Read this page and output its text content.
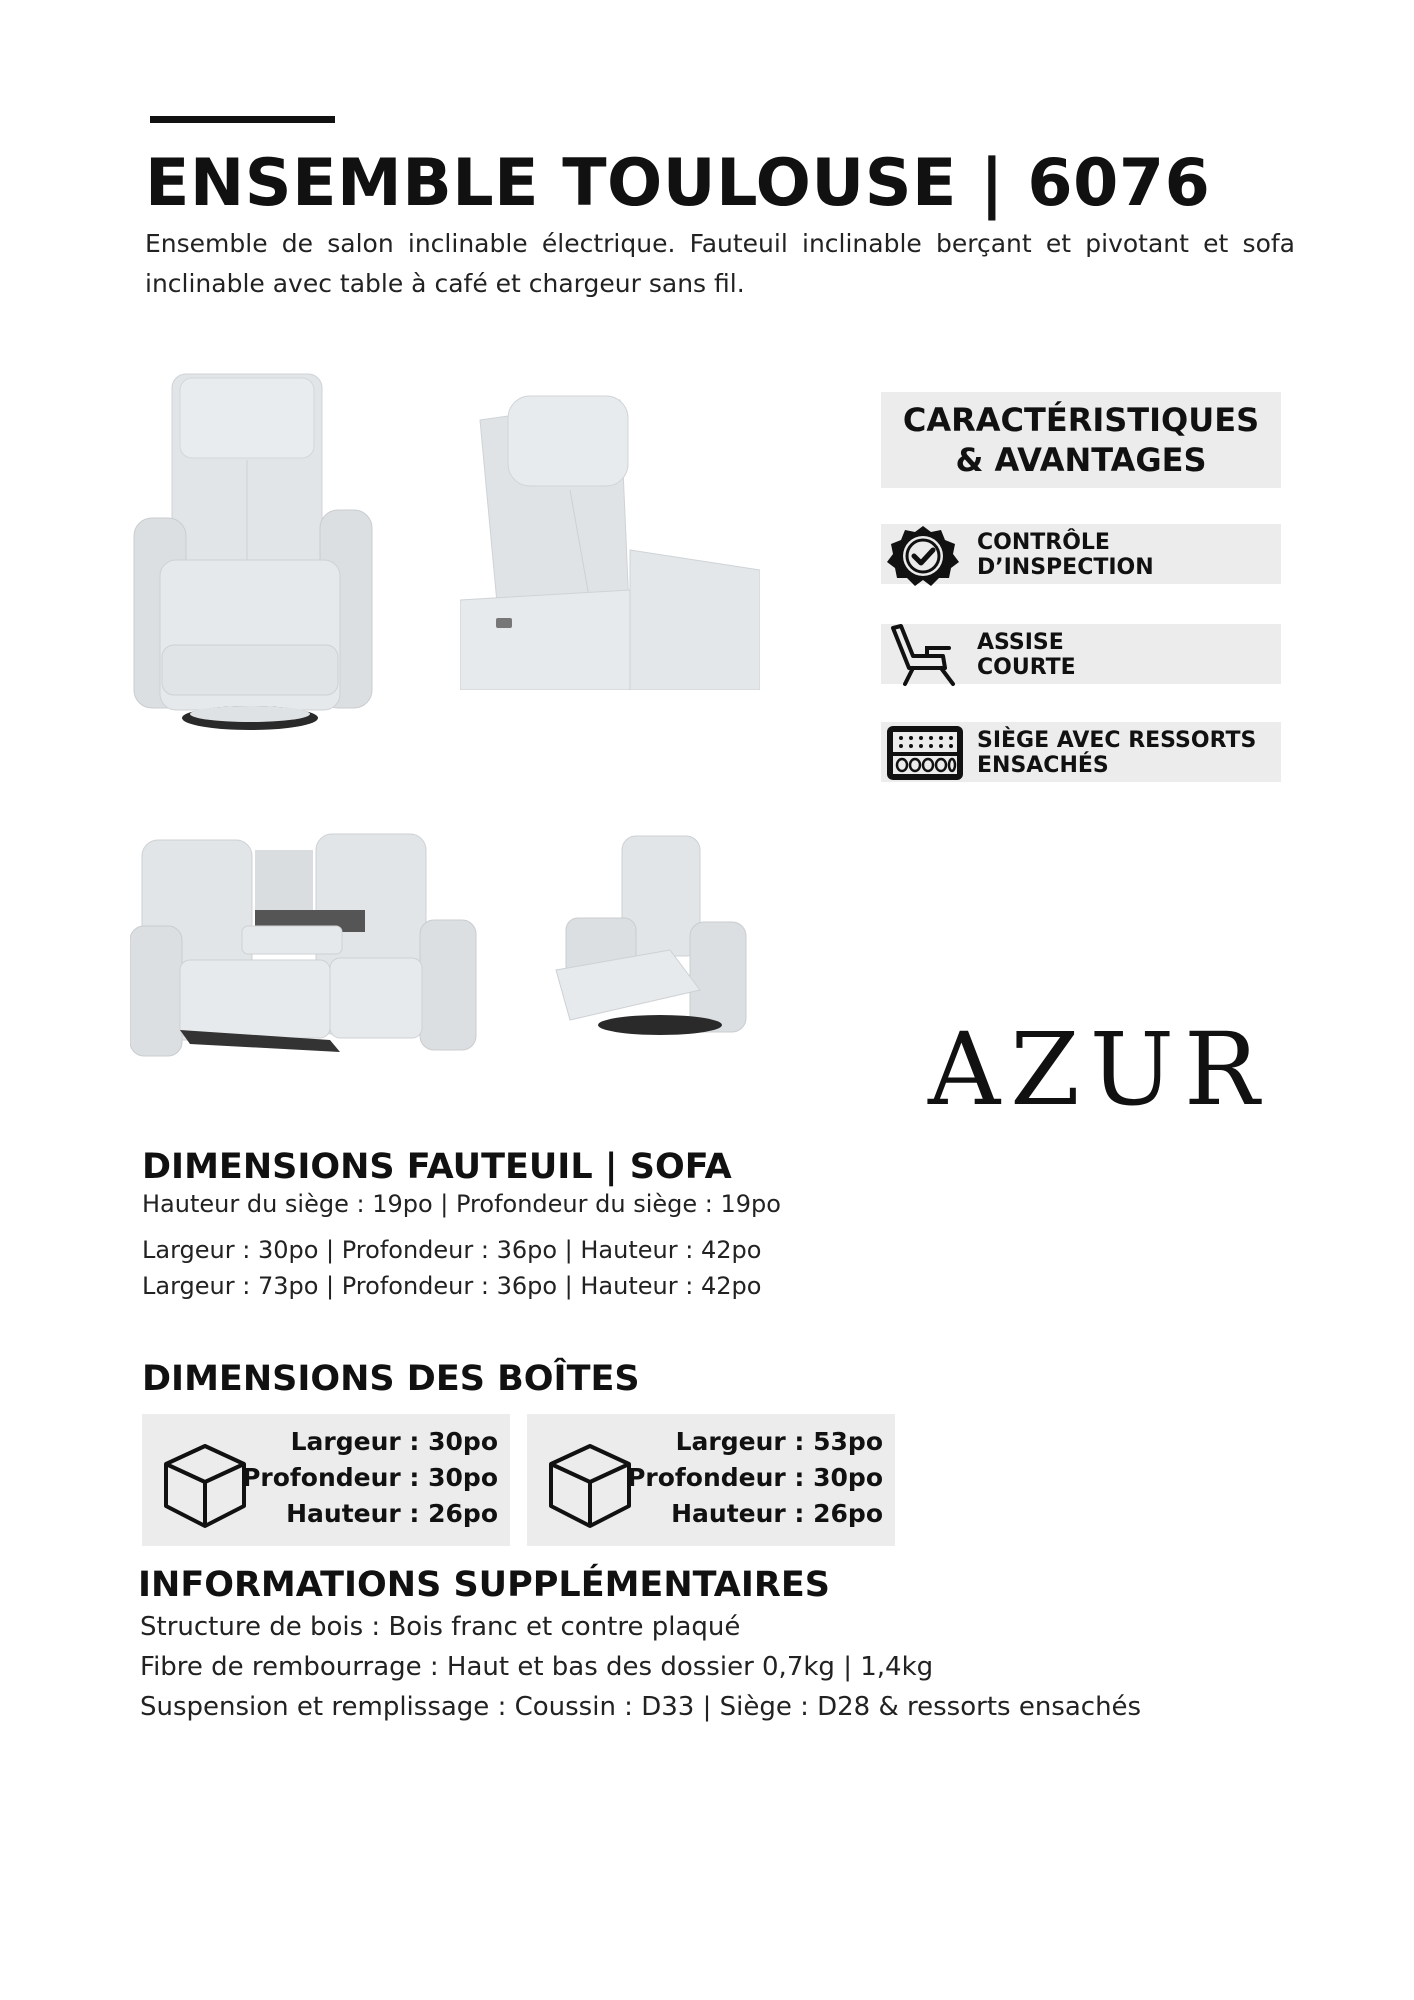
ENSEMBLE TOULOUSE | 6076

Ensemble de salon inclinable électrique. Fauteuil inclinable berçant et pivotant et sofa inclinable avec table à café et chargeur sans fil.

CARACTÉRISTIQUES
& AVANTAGES
CONTRÔLE
D’INSPECTION
ASSISE
COURTE
SIÈGE AVEC RESSORTS
ENSACHÉS
AZUR
DIMENSIONS FAUTEUIL | SOFA
Hauteur du siège : 19po | Profondeur du siège : 19po
Largeur : 30po | Profondeur : 36po | Hauteur : 42po
Largeur : 73po | Profondeur : 36po | Hauteur : 42po
DIMENSIONS DES BOÎTES
Largeur : 30po
Profondeur : 30po
Hauteur : 26po
Largeur : 53po
Profondeur : 30po
Hauteur : 26po
INFORMATIONS SUPPLÉMENTAIRES
Structure de bois : Bois franc et contre plaqué
Fibre de rembourrage : Haut et bas des dossier 0,7kg | 1,4kg
Suspension et remplissage : Coussin : D33 | Siège : D28 & ressorts ensachés
